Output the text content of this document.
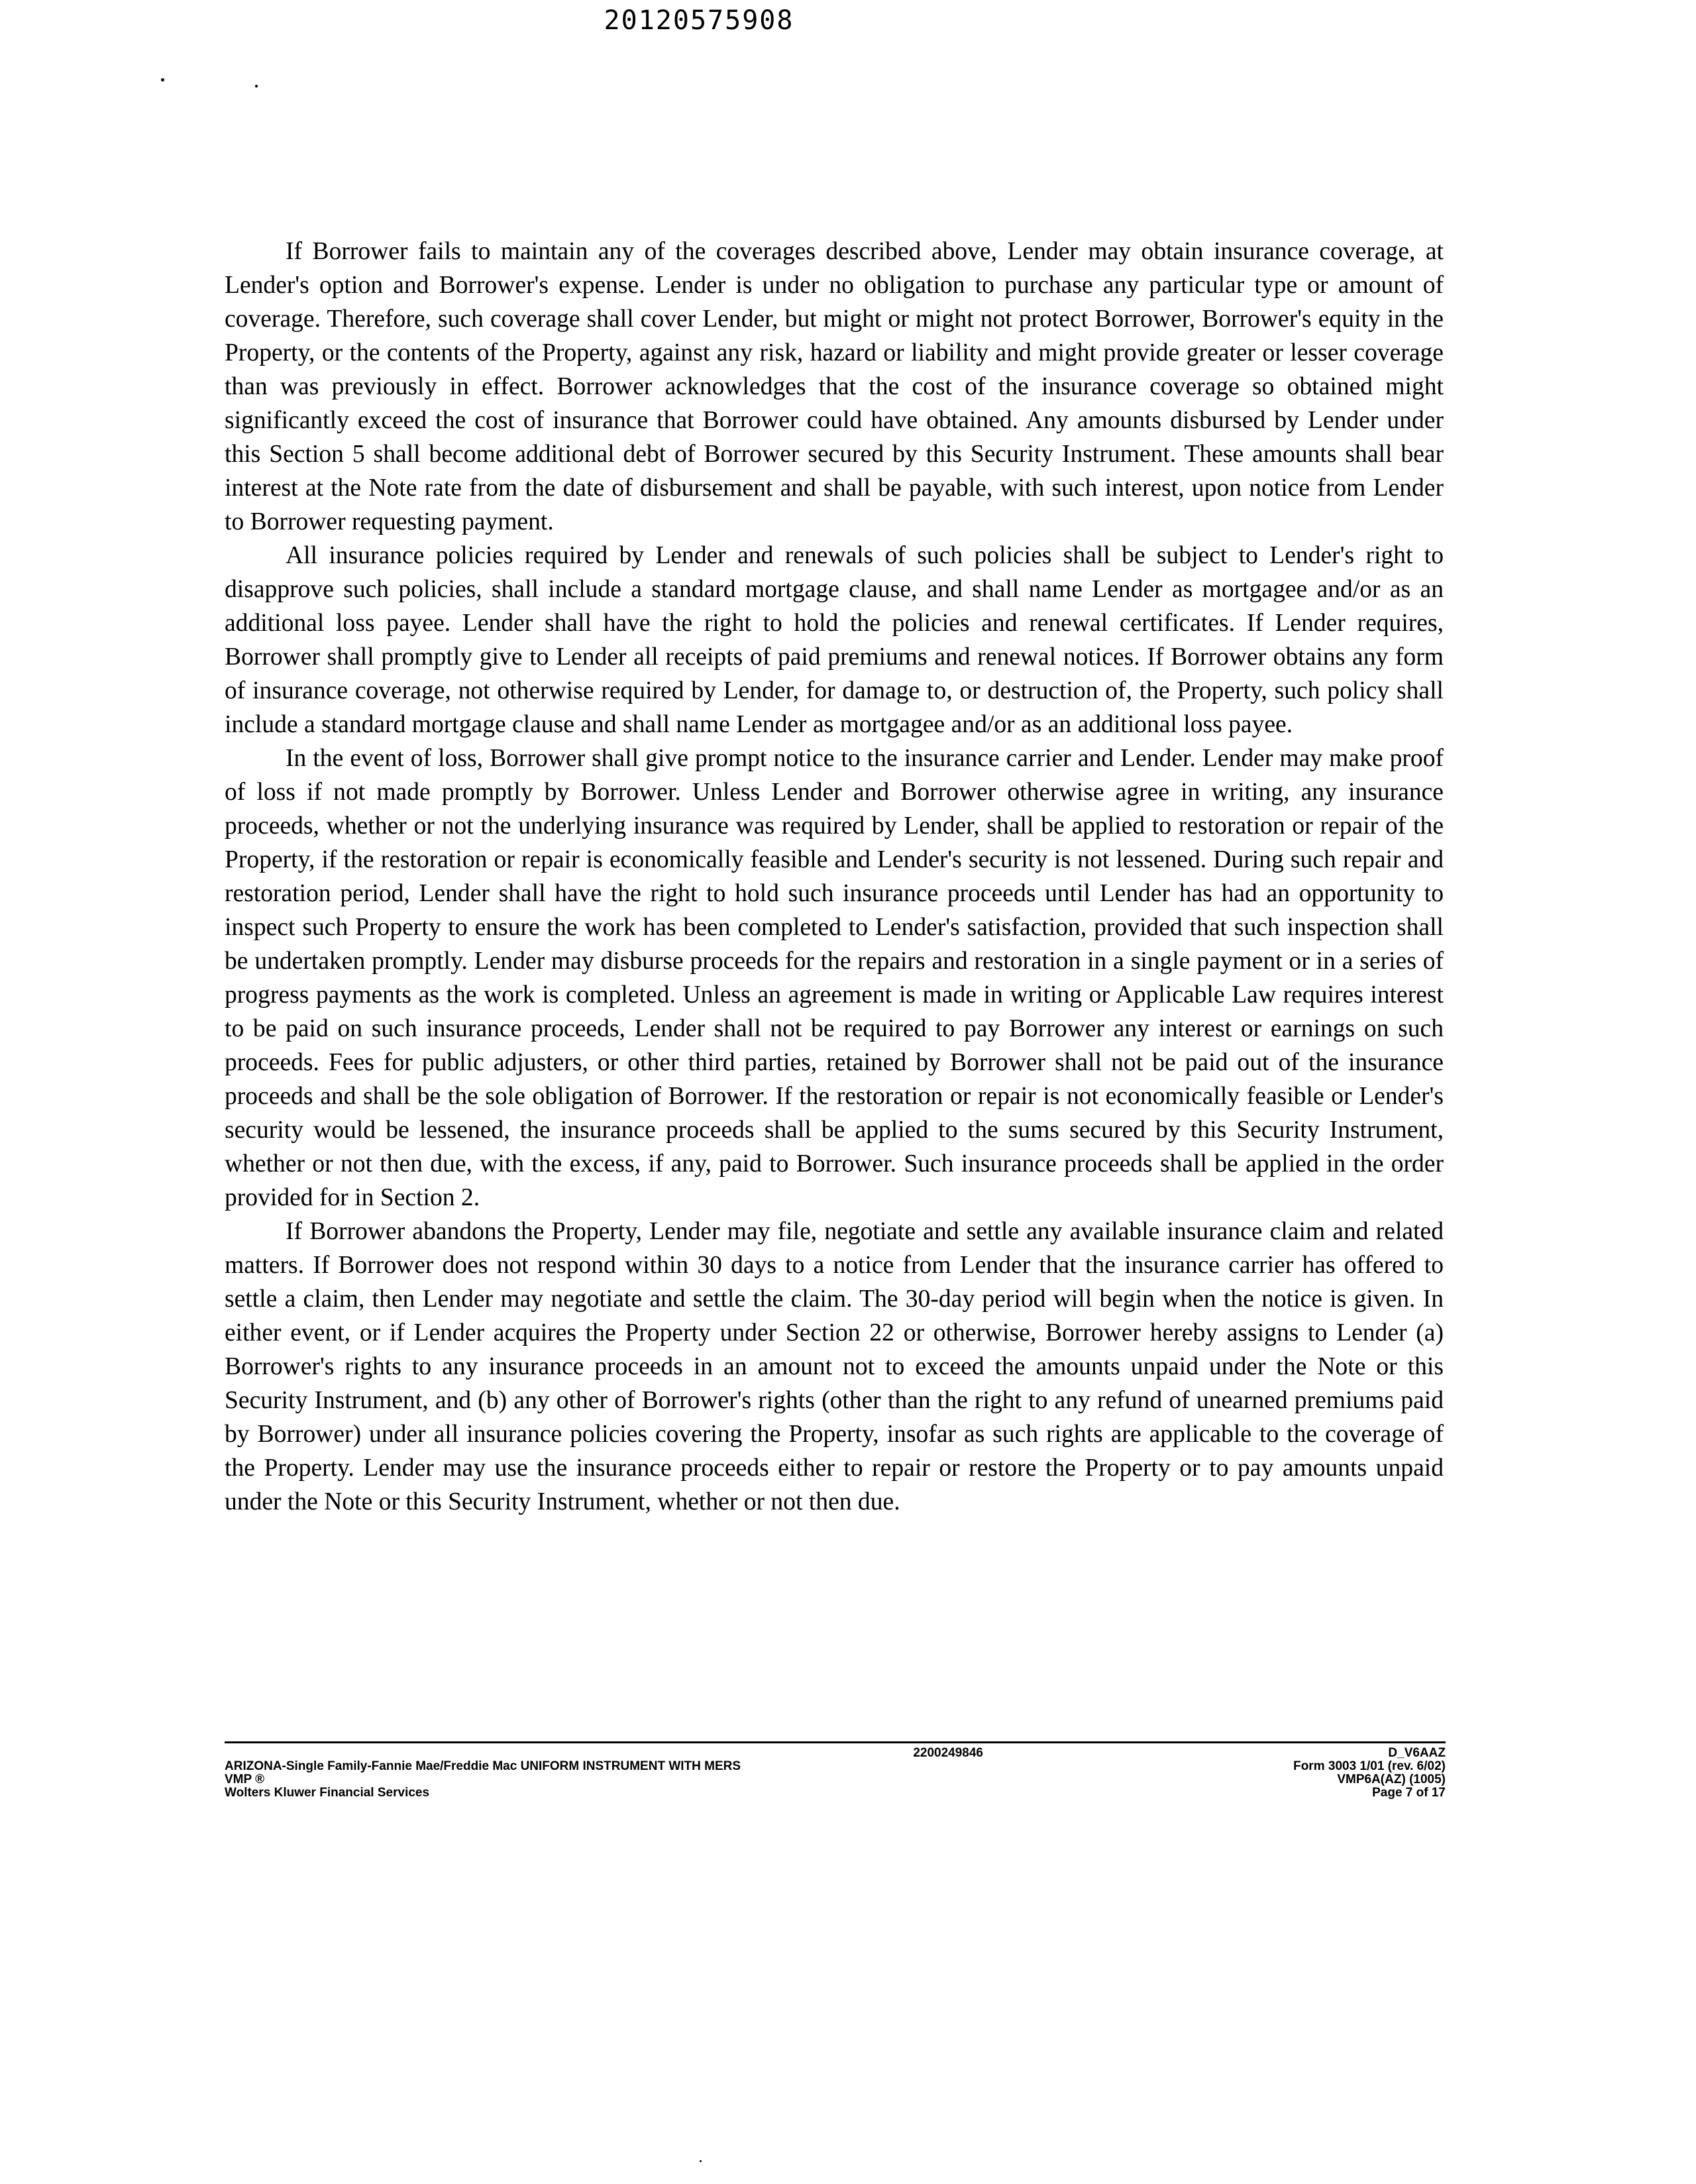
20120575908

If Borrower fails to maintain any of the coverages described above, Lender may obtain insurance coverage, at Lender's option and Borrower's expense. Lender is under no obligation to purchase any particular type or amount of coverage. Therefore, such coverage shall cover Lender, but might or might not protect Borrower, Borrower's equity in the Property, or the contents of the Property, against any risk, hazard or liability and might provide greater or lesser coverage than was previously in effect. Borrower acknowledges that the cost of the insurance coverage so obtained might significantly exceed the cost of insurance that Borrower could have obtained. Any amounts disbursed by Lender under this Section 5 shall become additional debt of Borrower secured by this Security Instrument. These amounts shall bear interest at the Note rate from the date of disbursement and shall be payable, with such interest, upon notice from Lender to Borrower requesting payment.

All insurance policies required by Lender and renewals of such policies shall be subject to Lender's right to disapprove such policies, shall include a standard mortgage clause, and shall name Lender as mortgagee and/or as an additional loss payee. Lender shall have the right to hold the policies and renewal certificates. If Lender requires, Borrower shall promptly give to Lender all receipts of paid premiums and renewal notices. If Borrower obtains any form of insurance coverage, not otherwise required by Lender, for damage to, or destruction of, the Property, such policy shall include a standard mortgage clause and shall name Lender as mortgagee and/or as an additional loss payee.

In the event of loss, Borrower shall give prompt notice to the insurance carrier and Lender. Lender may make proof of loss if not made promptly by Borrower. Unless Lender and Borrower otherwise agree in writing, any insurance proceeds, whether or not the underlying insurance was required by Lender, shall be applied to restoration or repair of the Property, if the restoration or repair is economically feasible and Lender's security is not lessened. During such repair and restoration period, Lender shall have the right to hold such insurance proceeds until Lender has had an opportunity to inspect such Property to ensure the work has been completed to Lender's satisfaction, provided that such inspection shall be undertaken promptly. Lender may disburse proceeds for the repairs and restoration in a single payment or in a series of progress payments as the work is completed. Unless an agreement is made in writing or Applicable Law requires interest to be paid on such insurance proceeds, Lender shall not be required to pay Borrower any interest or earnings on such proceeds. Fees for public adjusters, or other third parties, retained by Borrower shall not be paid out of the insurance proceeds and shall be the sole obligation of Borrower. If the restoration or repair is not economically feasible or Lender's security would be lessened, the insurance proceeds shall be applied to the sums secured by this Security Instrument, whether or not then due, with the excess, if any, paid to Borrower. Such insurance proceeds shall be applied in the order provided for in Section 2.

If Borrower abandons the Property, Lender may file, negotiate and settle any available insurance claim and related matters. If Borrower does not respond within 30 days to a notice from Lender that the insurance carrier has offered to settle a claim, then Lender may negotiate and settle the claim. The 30-day period will begin when the notice is given. In either event, or if Lender acquires the Property under Section 22 or otherwise, Borrower hereby assigns to Lender (a) Borrower's rights to any insurance proceeds in an amount not to exceed the amounts unpaid under the Note or this Security Instrument, and (b) any other of Borrower's rights (other than the right to any refund of unearned premiums paid by Borrower) under all insurance policies covering the Property, insofar as such rights are applicable to the coverage of the Property. Lender may use the insurance proceeds either to repair or restore the Property or to pay amounts unpaid under the Note or this Security Instrument, whether or not then due.

2200249846

ARIZONA-Single Family-Fannie Mae/Freddie Mac UNIFORM INSTRUMENT WITH MERS
VMP ®
Wolters Kluwer Financial Services
D_V6AAZ
Form 3003 1/01 (rev. 6/02)
VMP6A(AZ) (1005)
Page 7 of 17
